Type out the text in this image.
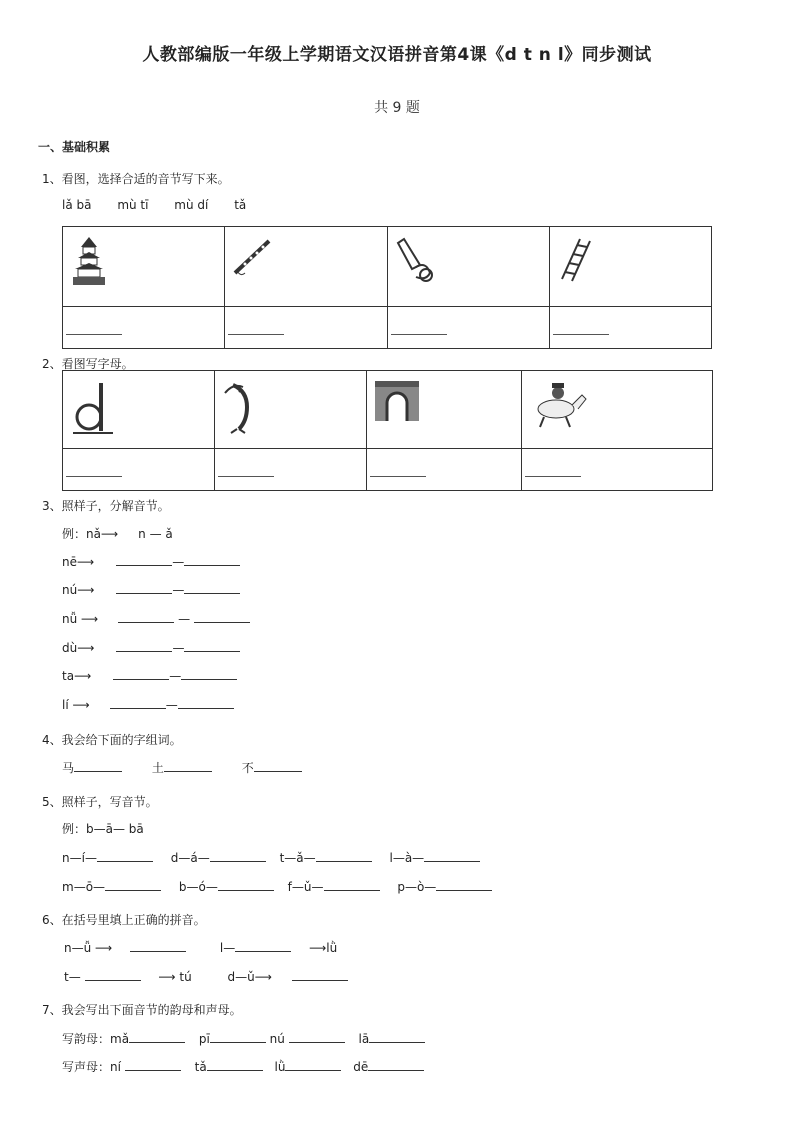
人教部编版一年级上学期语文汉语拼音第4课《d t n l》同步测试
共 9 题
一、基础积累
1、看图，选择合适的音节写下来。
lǎ bā mù tī mù dí tǎ

2、看图写字母。

3、照样子，分解音节。
例：nǎ⟶ n — ǎ
nē⟶	—
nú⟶	—
nǚ ⟶	—
dù⟶	—
ta⟶	—
lí ⟶	—
4、我会给下面的字组词。
马	土	不
5、照样子，写音节。
例：b—ā— bā
n—í—	d—á—	t—ǎ—	l—à—
m—ō—	b—ó—	f—ǔ—	p—ò—
6、在括号里填上正确的拼音。
n—ǚ ⟶	l—	⟶lǜ
t—	⟶ tú	d—ǔ⟶
7、我会写出下面音节的韵母和声母。
写韵母：mǎ	pī	nú	lā
写声母：ní	tǎ	lǜ	dē
